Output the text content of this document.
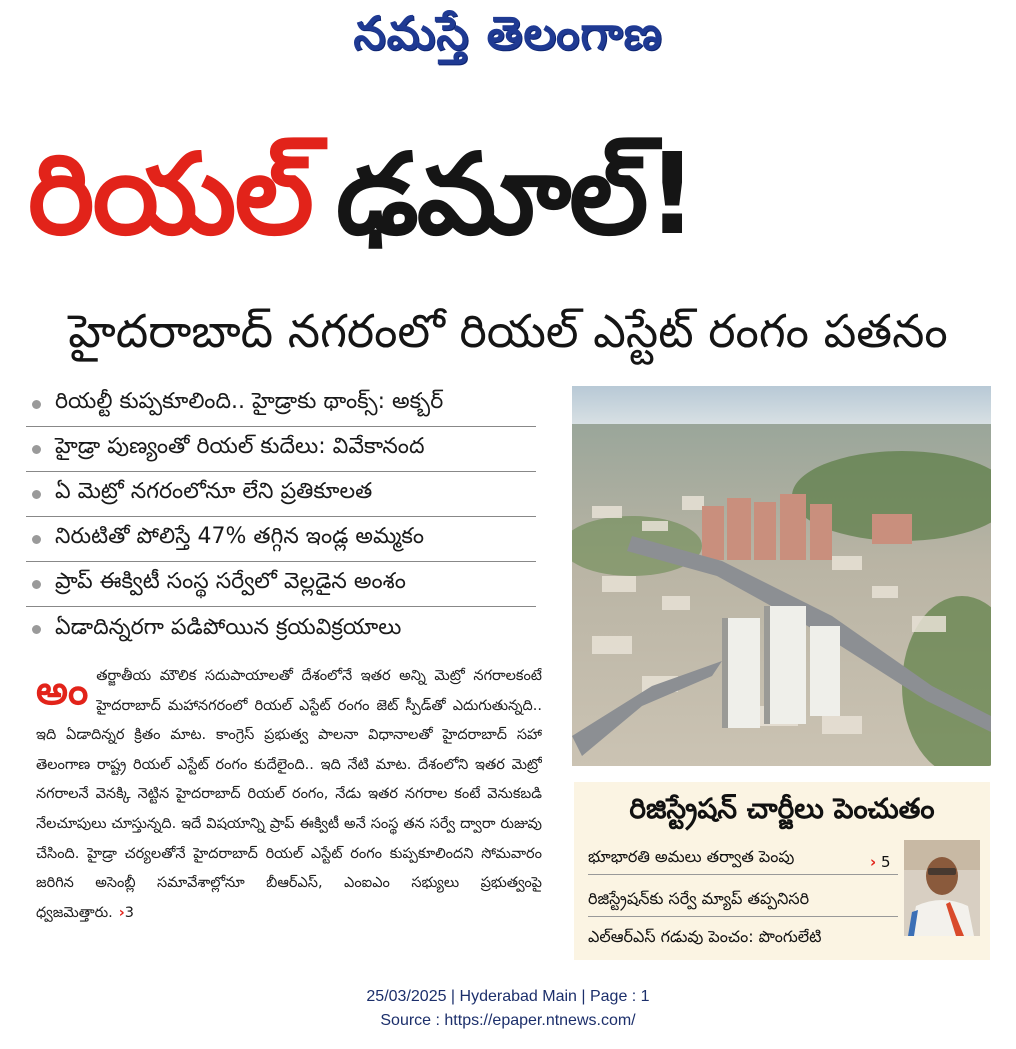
నమస్తే తెలంగాణ
రియల్ ఢమాల్!
హైదరాబాద్ నగరంలో రియల్ ఎస్టేట్ రంగం పతనం
రియల్టీ కుప్పకూలింది.. హైడ్రాకు థాంక్స్: అక్బర్
హైడ్రా పుణ్యంతో రియల్ కుదేలు: వివేకానంద
ఏ మెట్రో నగరంలోనూ లేని ప్రతికూలత
నిరుటితో పోలిస్తే 47% తగ్గిన ఇండ్ల అమ్మకం
ప్రాప్ ఈక్విటీ సంస్థ సర్వేలో వెల్లడైన అంశం
ఏడాదిన్నరగా పడిపోయిన క్రయవిక్రయాలు
అంతర్జాతీయ మౌలిక సదుపాయాలతో దేశంలోనే ఇతర అన్ని మెట్రో నగరాలకంటే హైదరాబాద్ మహానగరంలో రియల్ ఎస్టేట్ రంగం జెట్ స్పీడ్‌తో ఎదుగుతున్నది.. ఇది ఏడాదిన్నర క్రితం మాట. కాంగ్రెస్ ప్రభుత్వ పాలనా విధానాలతో హైదరాబాద్ సహా తెలంగాణ రాష్ట్ర రియల్ ఎస్టేట్ రంగం కుదేలైంది.. ఇది నేటి మాట. దేశంలోని ఇతర మెట్రో నగరాలనే వెనక్కి నెట్టిన హైదరాబాద్ రియల్ రంగం, నేడు ఇతర నగరాల కంటే వెనుకబడి నేలచూపులు చూస్తున్నది. ఇదే విషయాన్ని ప్రాప్ ఈక్విటీ అనే సంస్థ తన సర్వే ద్వారా రుజువు చేసింది. హైడ్రా చర్యలతోనే హైదరాబాద్ రియల్ ఎస్టేట్ రంగం కుప్పకూలిందని సోమవారం జరిగిన అసెంబ్లీ సమావేశాల్లోనూ బీఆర్‌ఎస్, ఎంఐఎం సభ్యులు ప్రభుత్వంపై ధ్వజమెత్తారు. ›3
రిజిస్ట్రేషన్ చార్జీలు పెంచుతం
భూభారతి అమలు తర్వాత పెంపు
రిజిస్ట్రేషన్‌కు సర్వే మ్యాప్ తప్పనిసరి
ఎల్‌ఆర్‌ఎస్ గడువు పెంచం: పొంగులేటి
› 5
25/03/2025 | Hyderabad Main | Page : 1
Source : https://epaper.ntnews.com/
